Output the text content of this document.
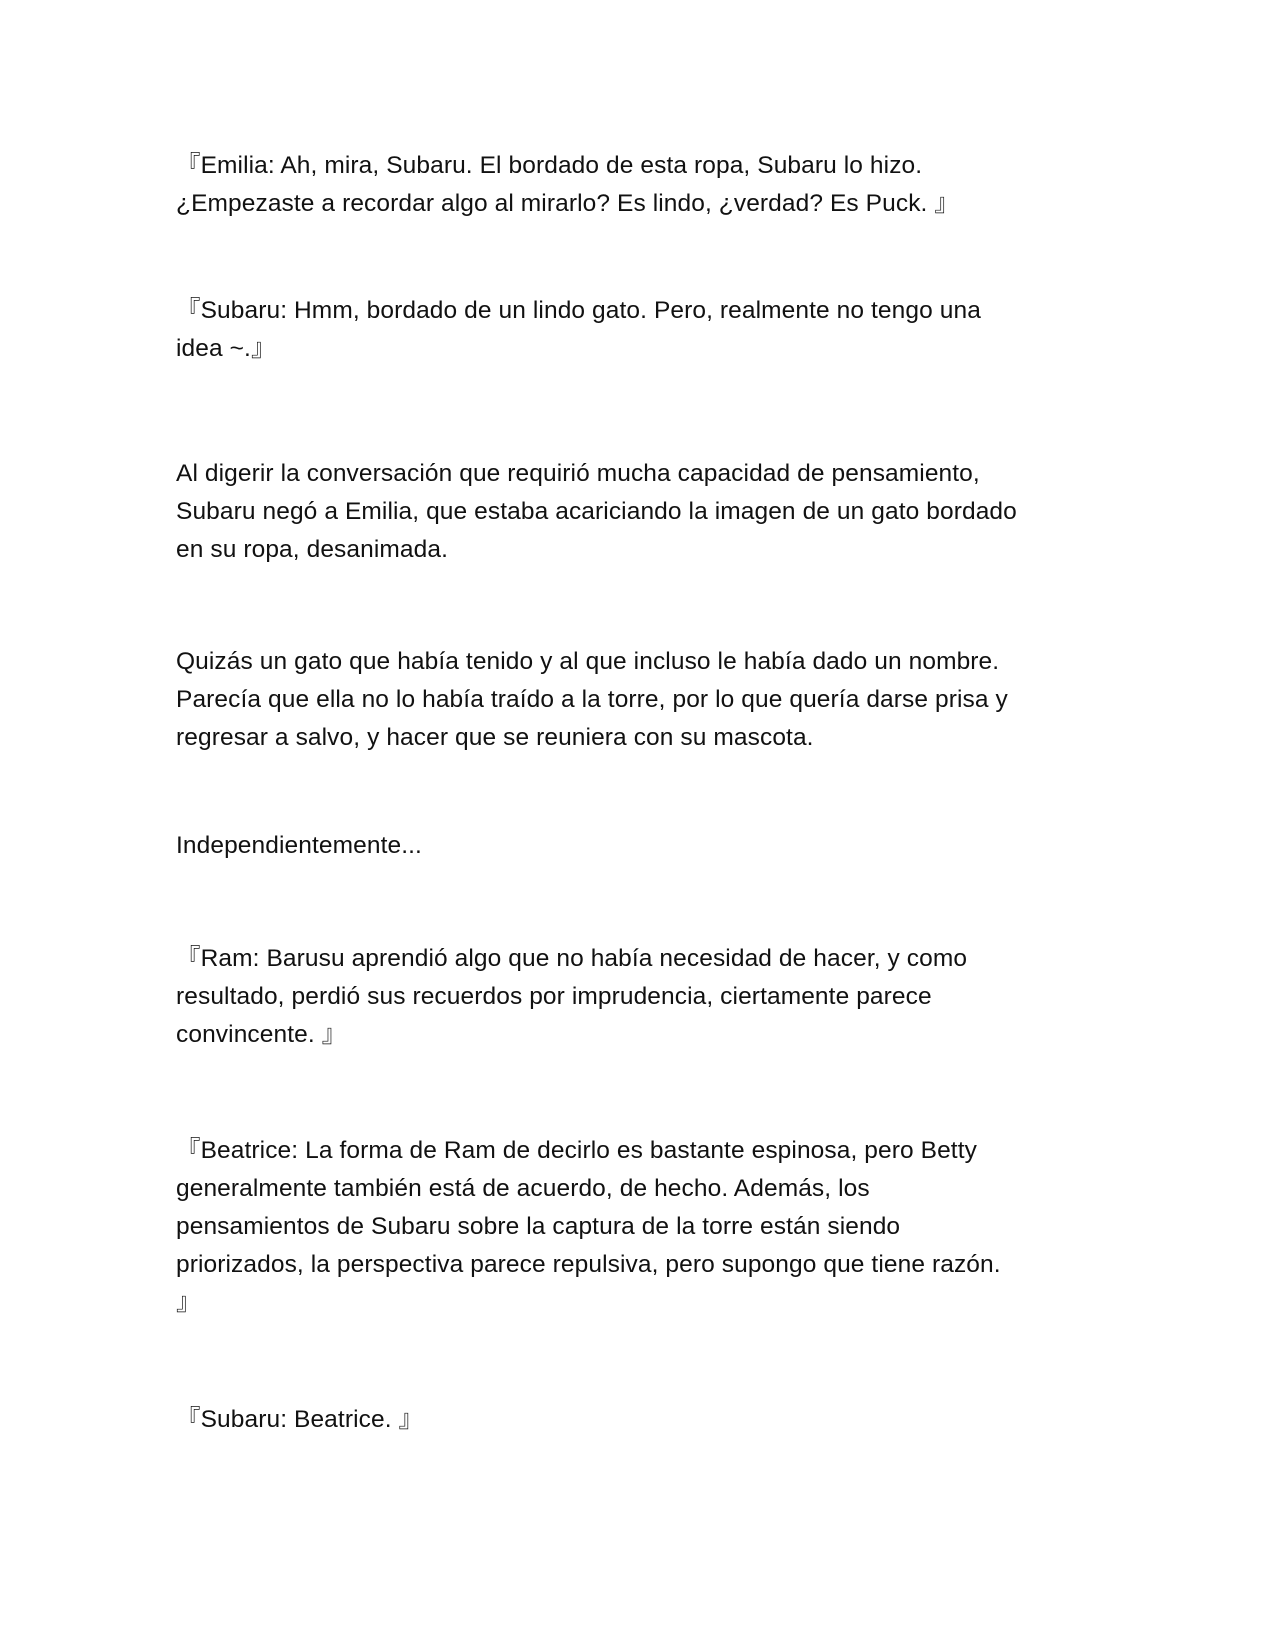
『Emilia: Ah, mira, Subaru. El bordado de esta ropa, Subaru lo hizo.
¿Empezaste a recordar algo al mirarlo? Es lindo, ¿verdad? Es Puck. 』

『Subaru: Hmm, bordado de un lindo gato. Pero, realmente no tengo una
idea ~.』

Al digerir la conversación que requirió mucha capacidad de pensamiento,
Subaru negó a Emilia, que estaba acariciando la imagen de un gato bordado
en su ropa, desanimada.

Quizás un gato que había tenido y al que incluso le había dado un nombre.
Parecía que ella no lo había traído a la torre, por lo que quería darse prisa y
regresar a salvo, y hacer que se reuniera con su mascota.

Independientemente...

『Ram: Barusu aprendió algo que no había necesidad de hacer, y como
resultado, perdió sus recuerdos por imprudencia, ciertamente parece
convincente. 』

『Beatrice: La forma de Ram de decirlo es bastante espinosa, pero Betty
generalmente también está de acuerdo, de hecho. Además, los
pensamientos de Subaru sobre la captura de la torre están siendo
priorizados, la perspectiva parece repulsiva, pero supongo que tiene razón.
』

『Subaru: Beatrice. 』
